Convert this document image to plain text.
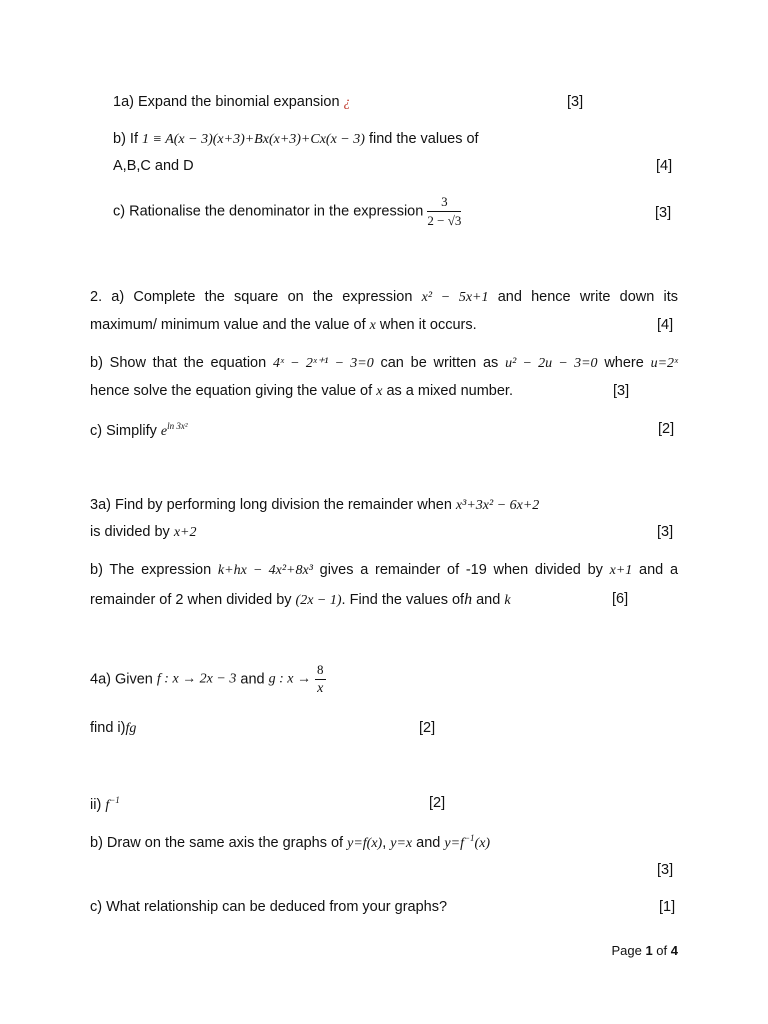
1a) Expand the binomial expansion ¿	[3]
b) If 1 ≡ A(x − 3)(x+3)+Bx(x+3)+Cx(x − 3) find the values of
A,B,C and D	[4]
c) Rationalise the denominator in the expression $\frac{3}{2 - √3}$	[3]
2. a) Complete the square on the expression x² − 5x+1 and hence write down its
maximum/ minimum value and the value of x when it occurs.	[4]
b) Show that the equation 4ˣ − 2ˣ⁺¹ − 3=0 can be written as u² − 2u − 3=0 where u=2ˣ
hence solve the equation giving the value of x as a mixed number.	[3]
c) Simplify $e^{ln 3x^2}$	[2]
3a) Find by performing long division the remainder when x³+3x² − 6x+2
is divided by x+2	[3]
b) The expression k+hx − 4x²+8x³ gives a remainder of -19 when divided by x+1 and a
remainder of 2 when divided by (2x − 1). Find the values ofh and k	[6]
4a) Given f : x → 2x − 3 and g : $x \to \frac{8}{x}$
find i)fg	[2]
ii) $f^{-1}$	[2]
b) Draw on the same axis the graphs of y=f(x), y=x and $y=f^{-1}(x)$
[3]
c) What relationship can be deduced from your graphs?	[1]
Page 1 of 4
